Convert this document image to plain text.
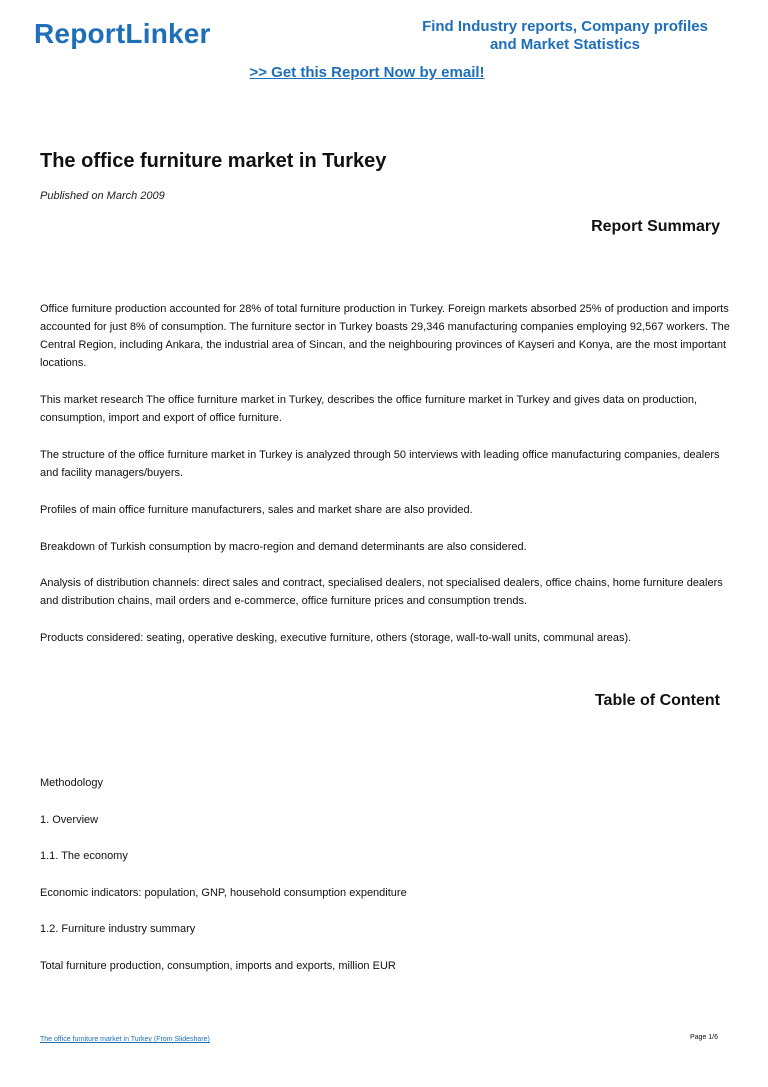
ReportLinker	Find Industry reports, Company profiles
and Market Statistics
>> Get this Report Now by email!
The office furniture market in Turkey
Published on March 2009
Report Summary

Office furniture production accounted for 28% of total furniture production in Turkey. Foreign markets absorbed 25% of production and imports accounted for just 8% of consumption. The furniture sector in Turkey boasts 29,346 manufacturing companies employing 92,567 workers. The Central Region, including Ankara, the industrial area of Sincan, and the neighbouring provinces of Kayseri and Konya, are the most important locations.

This market research The office furniture market in Turkey, describes the office furniture market in Turkey and gives data on production, consumption, import and export of office furniture.

The structure of the office furniture market in Turkey is analyzed through 50 interviews with leading office manufacturing companies, dealers and facility managers/buyers.

Profiles of main office furniture manufacturers, sales and market share are also provided.

Breakdown of Turkish consumption by macro-region and demand determinants are also considered.

Analysis of distribution channels: direct sales and contract, specialised dealers, not specialised dealers, office chains, home furniture dealers and distribution chains, mail orders and e-commerce, office furniture prices and consumption trends.

Products considered: seating, operative desking, executive furniture, others (storage, wall-to-wall units, communal areas).

Table of Content
Methodology
1. Overview
1.1. The economy
Economic indicators: population, GNP, household consumption expenditure
1.2. Furniture industry summary
Total furniture production, consumption, imports and exports, million EUR
The office furniture market in Turkey (From Slideshare)	Page 1/6
